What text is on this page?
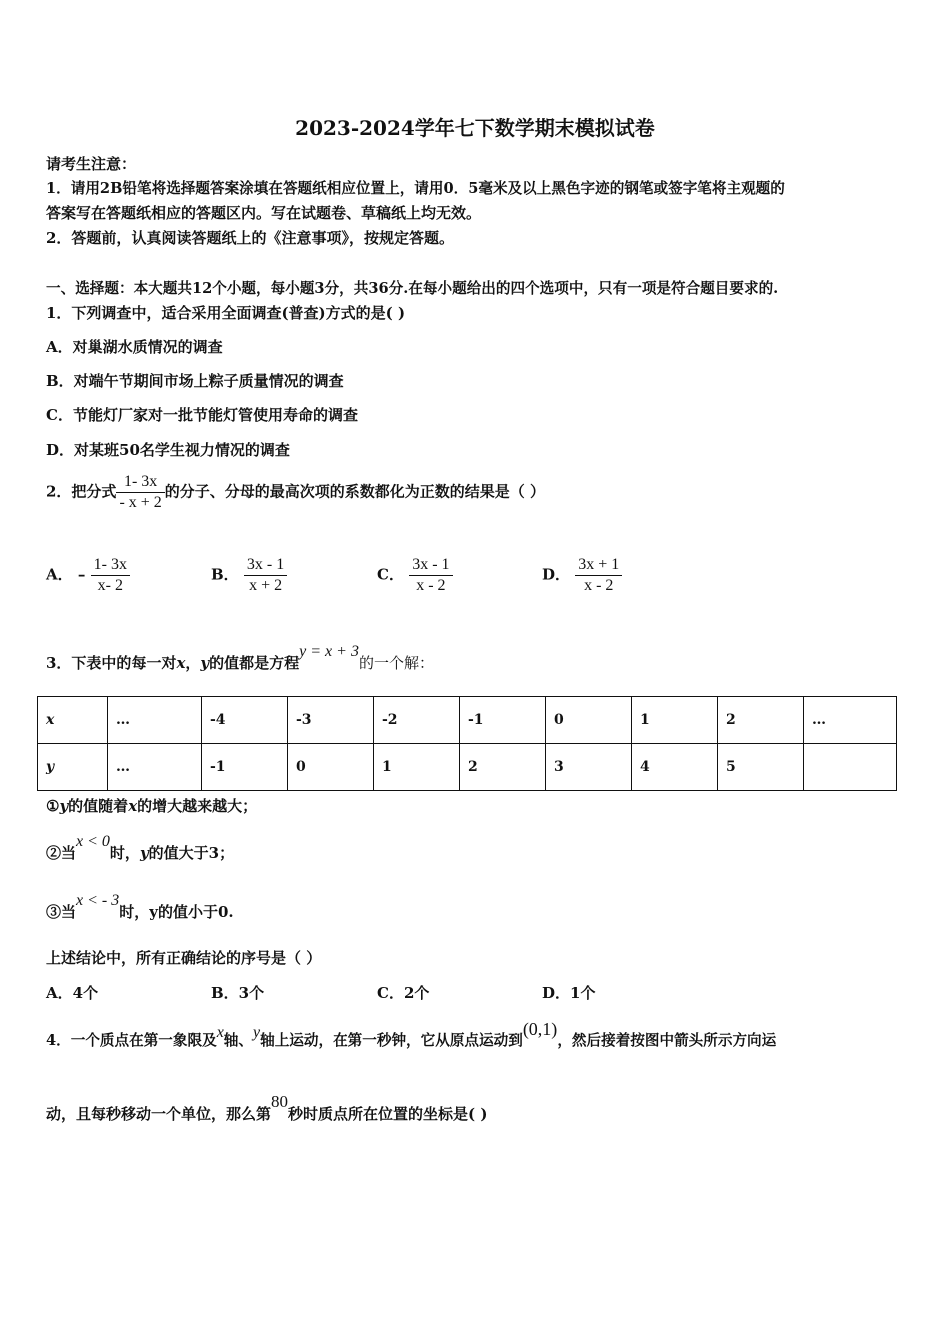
2023-2024学年七下数学期末模拟试卷
请考生注意：
1．请用2B铅笔将选择题答案涂填在答题纸相应位置上，请用0．5毫米及以上黑色字迹的钢笔或签字笔将主观题的
答案写在答题纸相应的答题区内。写在试题卷、草稿纸上均无效。
2．答题前，认真阅读答题纸上的《注意事项》，按规定答题。
一、选择题：本大题共12个小题，每小题3分，共36分.在每小题给出的四个选项中，只有一项是符合题目要求的.
1．下列调查中，适合采用全面调查(普查)方式的是( )
A．对巢湖水质情况的调查
B．对端午节期间市场上粽子质量情况的调查
C．节能灯厂家对一批节能灯管使用寿命的调查
D．对某班50名学生视力情况的调查
2．把分式 $\frac{1- 3x}{- x + 2}$ 的分子、分母的最高次项的系数都化为正数的结果是（ ）
A． – $\frac{1- 3x}{x- 2}$	B． $\frac{3x - 1}{x + 2}$	C． $\frac{3x - 1}{x - 2}$	D． $\frac{3x + 1}{x - 2}$
3．下表中的每一对x，y的值都是方程y = x + 3的一个解：
x	…	-4	-3	-2	-1	0	1	2	…
y	…	-1	0	1	2	3	4	5	
①y的值随着x的增大越来越大；
②当x < 0时，y的值大于3；
③当x < - 3时，y的值小于0.
上述结论中，所有正确结论的序号是（ ）
A．4个	B．3个	C．2个	D．1个
4．一个质点在第一象限及x轴、y轴上运动，在第一秒钟，它从原点运动到(0,1)，然后接着按图中箭头所示方向运
动，且每秒移动一个单位，那么第80秒时质点所在位置的坐标是( )
